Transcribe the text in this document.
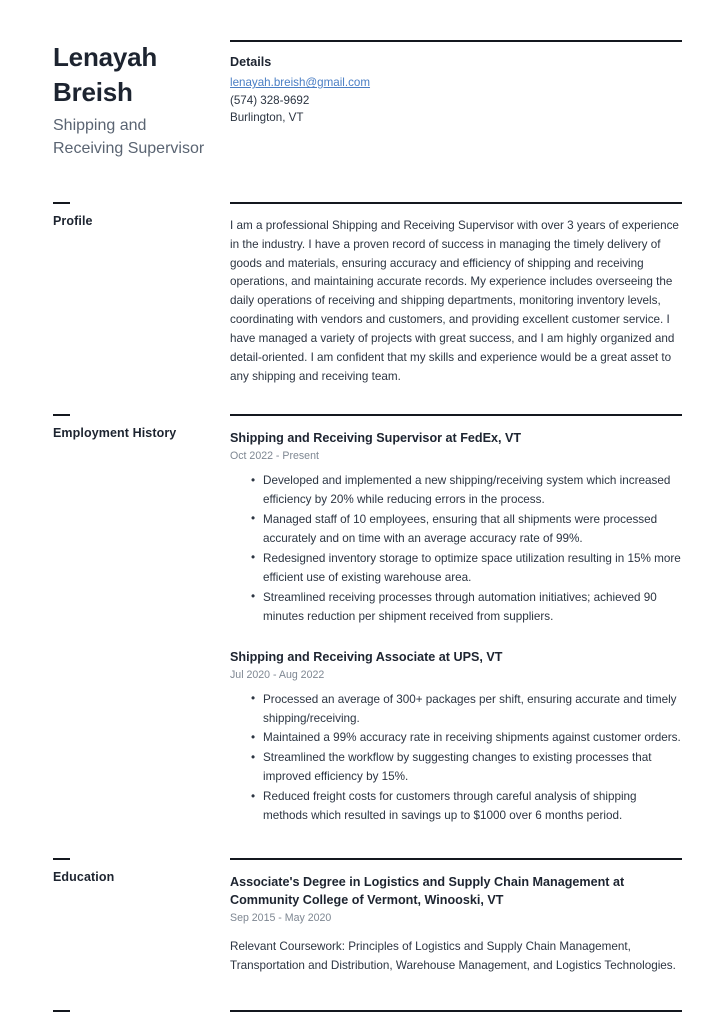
Lenayah
Breish
Shipping and
Receiving Supervisor
Details
lenayah.breish@gmail.com
(574) 328-9692
Burlington, VT
Profile	I am a professional Shipping and Receiving Supervisor with over 3 years of experience in the industry. I have a proven record of success in managing the timely delivery of goods and materials, ensuring accuracy and efficiency of shipping and receiving operations, and maintaining accurate records. My experience includes overseeing the daily operations of receiving and shipping departments, monitoring inventory levels, coordinating with vendors and customers, and providing excellent customer service. I have managed a variety of projects with great success, and I am highly organized and detail-oriented. I am confident that my skills and experience would be a great asset to any shipping and receiving team.

Employment History	Shipping and Receiving Supervisor at FedEx, VT
Oct 2022 - Present
• Developed and implemented a new shipping/receiving system which increased efficiency by 20% while reducing errors in the process.
• Managed staff of 10 employees, ensuring that all shipments were processed accurately and on time with an average accuracy rate of 99%.
• Redesigned inventory storage to optimize space utilization resulting in 15% more efficient use of existing warehouse area.
• Streamlined receiving processes through automation initiatives; achieved 90 minutes reduction per shipment received from suppliers.
Shipping and Receiving Associate at UPS, VT
Jul 2020 - Aug 2022
• Processed an average of 300+ packages per shift, ensuring accurate and timely shipping/receiving.
• Maintained a 99% accuracy rate in receiving shipments against customer orders.
• Streamlined the workflow by suggesting changes to existing processes that improved efficiency by 15%.
• Reduced freight costs for customers through careful analysis of shipping methods which resulted in savings up to $1000 over 6 months period.
Education	Associate's Degree in Logistics and Supply Chain Management at Community College of Vermont, Winooski, VT
Sep 2015 - May 2020
Relevant Coursework: Principles of Logistics and Supply Chain Management, Transportation and Distribution, Warehouse Management, and Logistics Technologies.
